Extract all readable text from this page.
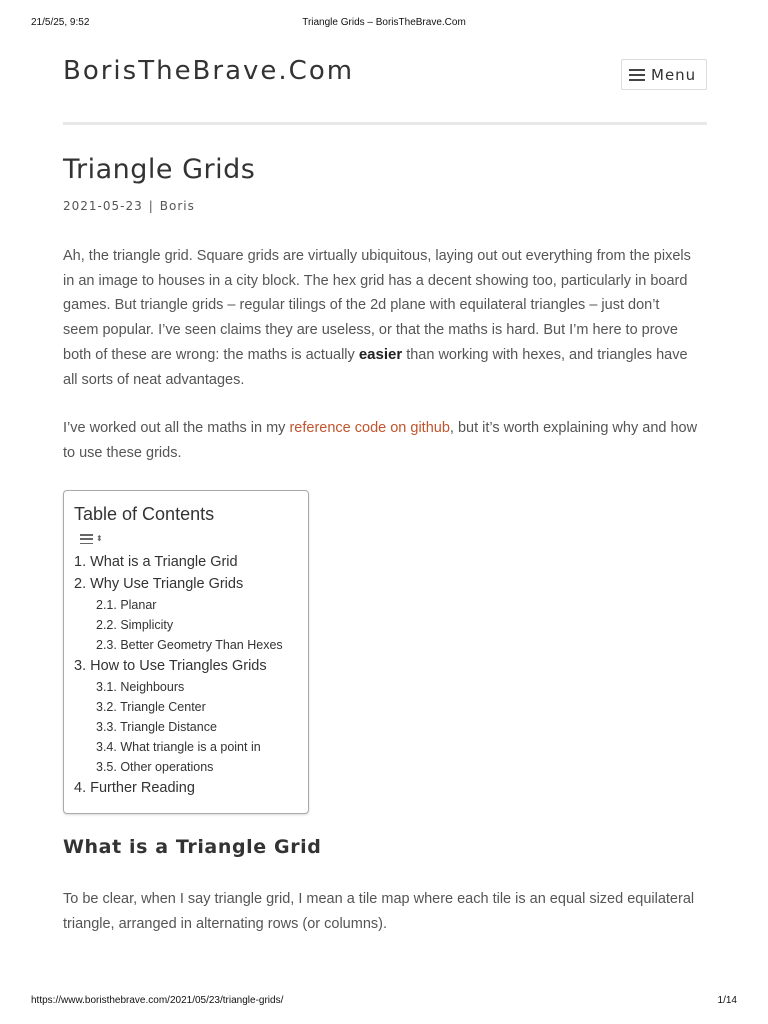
21/5/25, 9:52	Triangle Grids – BorisTheBrave.Com
BorisTheBrave.Com	Menu
Triangle Grids
2021-05-23 | Boris
Ah, the triangle grid. Square grids are virtually ubiquitous, laying out out everything from the pixels
in an image to houses in a city block. The hex grid has a decent showing too, particularly in board
games. But triangle grids – regular tilings of the 2d plane with equilateral triangles – just don’t
seem popular. I’ve seen claims they are useless, or that the maths is hard. But I’m here to prove
both of these are wrong: the maths is actually easier than working with hexes, and triangles have
all sorts of neat advantages.
I’ve worked out all the maths in my reference code on github, but it’s worth explaining why and how
to use these grids.
Table of Contents
⬍
1. What is a Triangle Grid
2. Why Use Triangle Grids
2.1. Planar
2.2. Simplicity
2.3. Better Geometry Than Hexes
3. How to Use Triangles Grids
3.1. Neighbours
3.2. Triangle Center
3.3. Triangle Distance
3.4. What triangle is a point in
3.5. Other operations
4. Further Reading
What is a Triangle Grid
To be clear, when I say triangle grid, I mean a tile map where each tile is an equal sized equilateral
triangle, arranged in alternating rows (or columns).
https://www.boristhebrave.com/2021/05/23/triangle-grids/	1/14
